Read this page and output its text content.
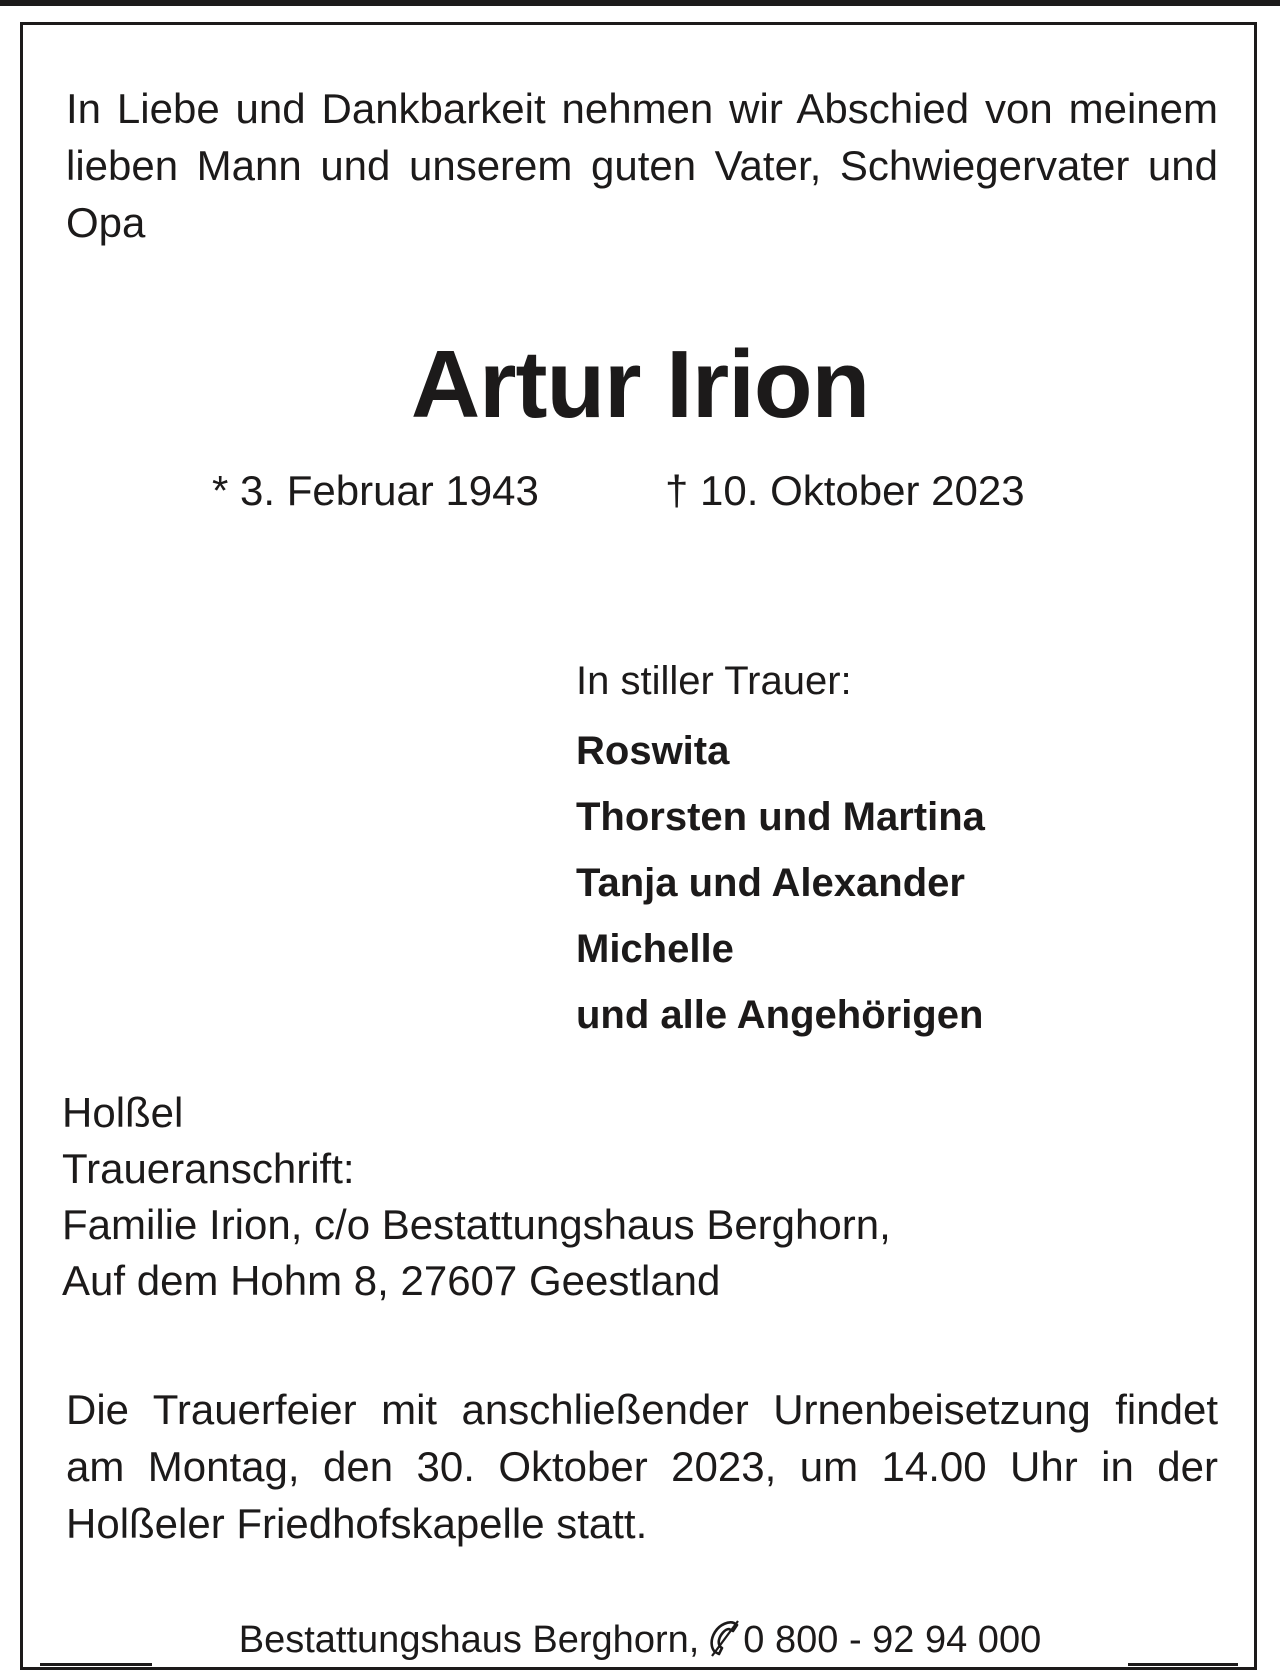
In Liebe und Dankbarkeit nehmen wir Abschied von meinem lieben Mann und unserem guten Vater, Schwiegervater und Opa

Artur Irion
* 3. Februar 1943	† 10. Oktober 2023
In stiller Trauer:
Roswita
Thorsten und Martina
Tanja und Alexander
Michelle
und alle Angehörigen
Holßel
Traueranschrift:
Familie Irion, c/o Bestattungshaus Berghorn,
Auf dem Hohm 8, 27607 Geestland

Die Trauerfeier mit anschließender Urnenbeisetzung findet am Montag, den 30. Oktober 2023, um 14.00 Uhr in der Holßeler Friedhofskapelle statt.

Bestattungshaus Berghorn, 0 800 - 92 94 000
